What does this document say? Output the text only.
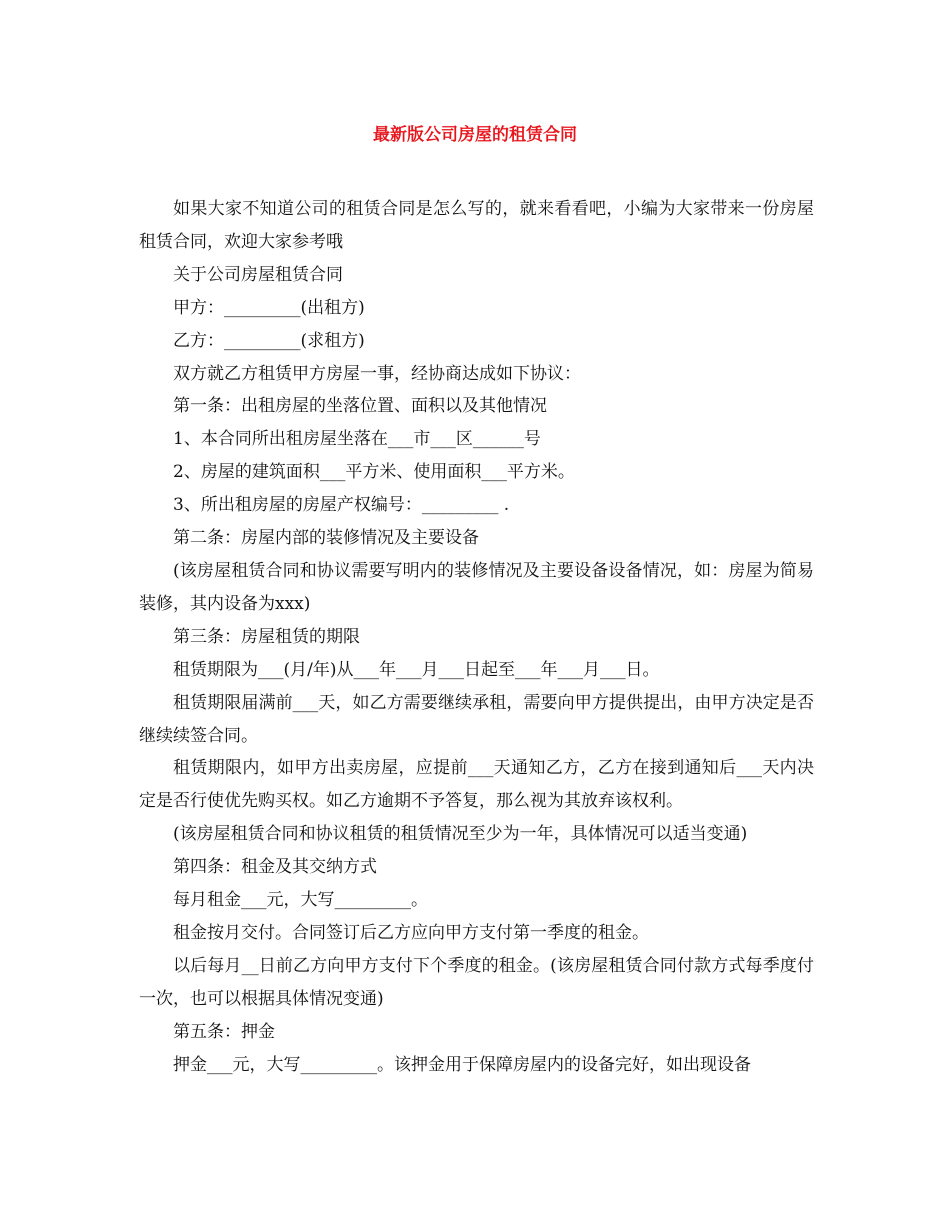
最新版公司房屋的租赁合同

如果大家不知道公司的租赁合同是怎么写的，就来看看吧，小编为大家带来一份房屋租赁合同，欢迎大家参考哦

关于公司房屋租赁合同

甲方：_________(出租方)

乙方：_________(求租方)

双方就乙方租赁甲方房屋一事，经协商达成如下协议：

第一条：出租房屋的坐落位置、面积以及其他情况

1、本合同所出租房屋坐落在___市___区______号

2、房屋的建筑面积___平方米、使用面积___平方米。

3、所出租房屋的房屋产权编号：_________ .

第二条：房屋内部的装修情况及主要设备

(该房屋租赁合同和协议需要写明内的装修情况及主要设备设备情况，如：房屋为简易装修，其内设备为xxx)

第三条：房屋租赁的期限

租赁期限为___(月/年)从___年___月___日起至___年___月___日。

租赁期限届满前___天，如乙方需要继续承租，需要向甲方提供提出，由甲方决定是否继续续签合同。

租赁期限内，如甲方出卖房屋，应提前___天通知乙方，乙方在接到通知后___天内决定是否行使优先购买权。如乙方逾期不予答复，那么视为其放弃该权利。

(该房屋租赁合同和协议租赁的租赁情况至少为一年，具体情况可以适当变通)

第四条：租金及其交纳方式

每月租金___元，大写_________。

租金按月交付。合同签订后乙方应向甲方支付第一季度的租金。

以后每月__日前乙方向甲方支付下个季度的租金。(该房屋租赁合同付款方式每季度付一次，也可以根据具体情况变通)

第五条：押金

押金___元，大写_________。该押金用于保障房屋内的设备完好，如出现设备
